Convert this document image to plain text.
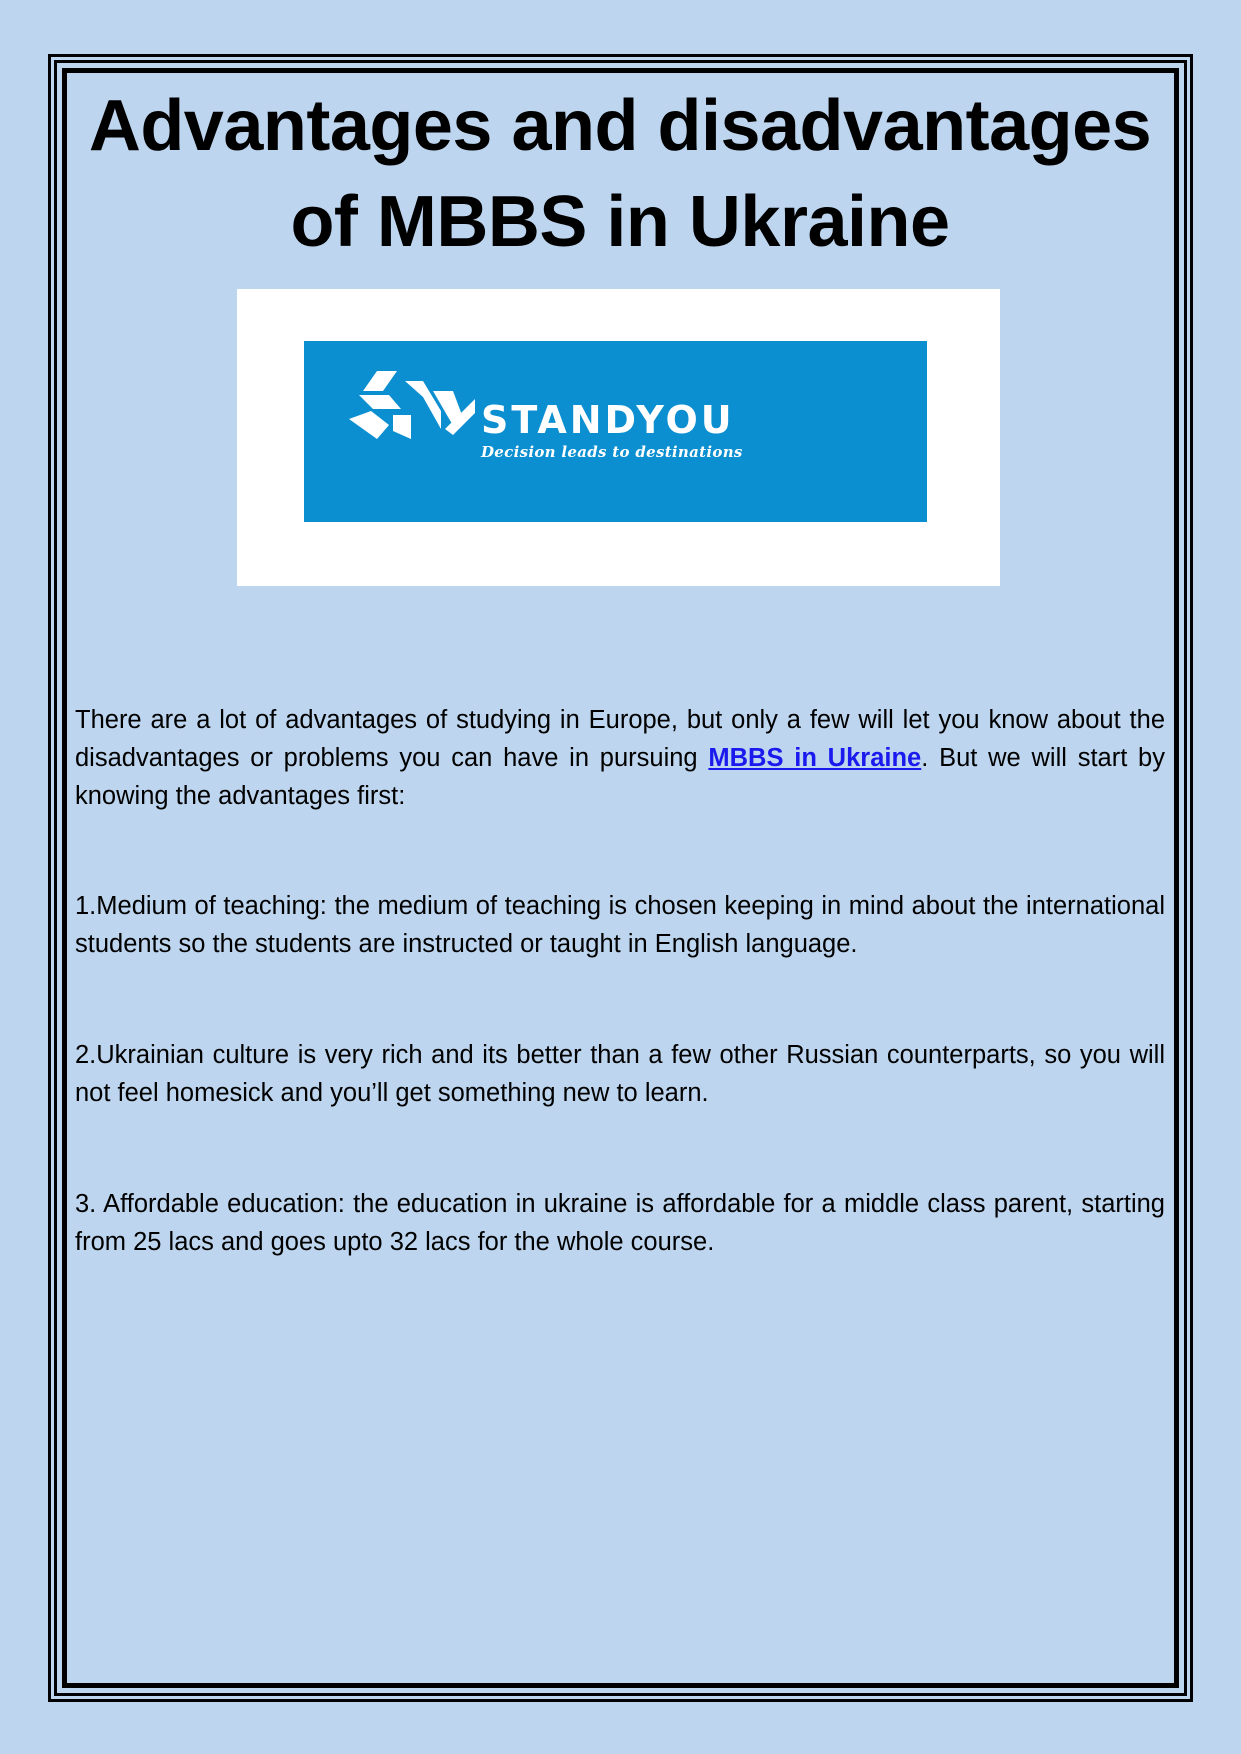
Advantages and disadvantages of MBBS in Ukraine
STANDYOU
Decision leads to destinations

There are a lot of advantages of studying in Europe, but only a few will let you know about the disadvantages or problems you can have in pursuing MBBS in Ukraine. But we will start by knowing the advantages first:

1.Medium of teaching: the medium of teaching is chosen keeping in mind about the international students so the students are instructed or taught in English language.

2.Ukrainian culture is very rich and its better than a few other Russian counterparts, so you will not feel homesick and you’ll get something new to learn.

3. Affordable education: the education in ukraine is affordable for a middle class parent, starting from 25 lacs and goes upto 32 lacs for the whole course.
